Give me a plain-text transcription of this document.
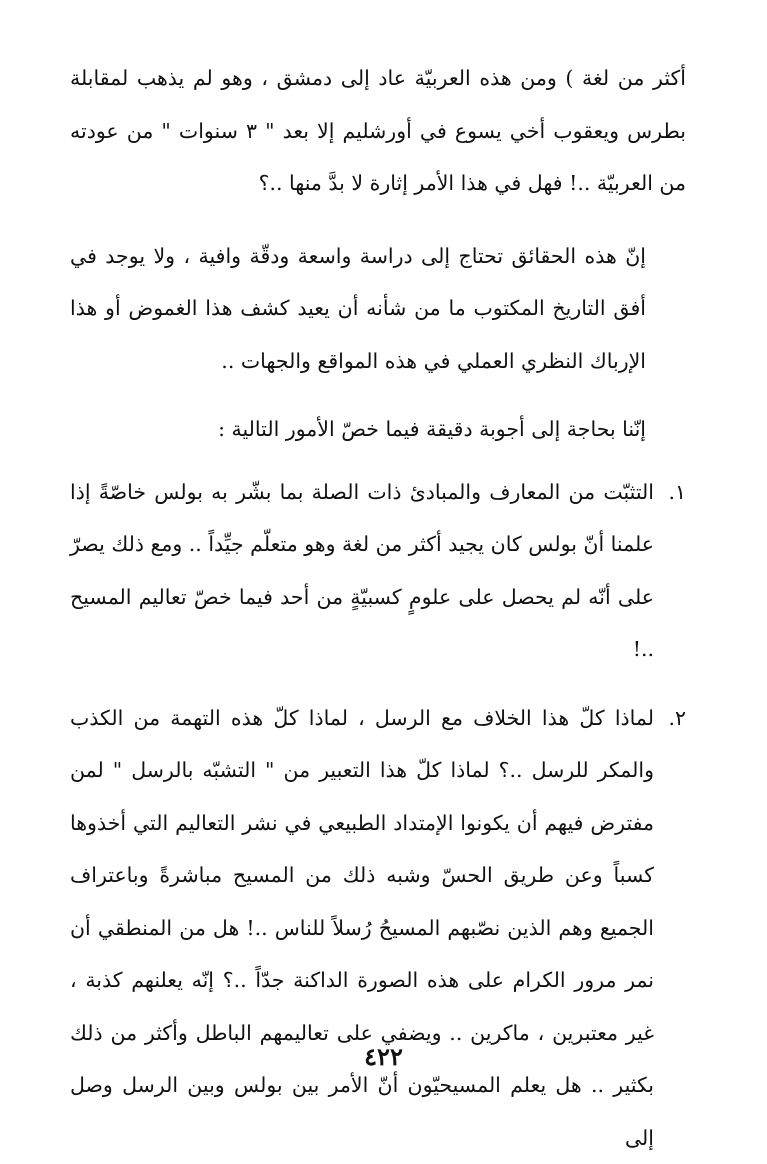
أكثر من لغة ) ومن هذه العربيّة عاد إلى دمشق ، وهو لم يذهب لمقابلة بطرس ويعقوب أخي يسوع في أورشليم إلا بعد " ٣ سنوات " من عودته من العربيّة ..! فهل في هذا الأمر إثارة لا بدَّ منها ..؟

إنّ هذه الحقائق تحتاج إلى دراسة واسعة ودقّة وافية ، ولا يوجد في أفق التاريخ المكتوب ما من شأنه أن يعيد كشف هذا الغموض أو هذا الإرباك النظري العملي في هذه المواقع والجهات ..

إنّنا بحاجة إلى أجوبة دقيقة فيما خصّ الأمور التالية :

١.

التثبّت من المعارف والمبادئ ذات الصلة بما بشّر به بولس خاصّةً إذا علمنا أنّ بولس كان يجيد أكثر من لغة وهو متعلّم جيِّداً .. ومع ذلك يصرّ على أنّه لم يحصل على علومٍ كسبيّةٍ من أحد فيما خصّ تعاليم المسيح ..!

٢.

لماذا كلّ هذا الخلاف مع الرسل ، لماذا كلّ هذه التهمة من الكذب والمكر للرسل ..؟ لماذا كلّ هذا التعبير من " التشبّه بالرسل " لمن مفترض فيهم أن يكونوا الإمتداد الطبيعي في نشر التعاليم التي أخذوها كسباً وعن طريق الحسّ وشبه ذلك من المسيح مباشرةً وباعتراف الجميع وهم الذين نصّبهم المسيحُ رُسلاً للناس ..! هل من المنطقي أن نمر مرور الكرام على هذه الصورة الداكنة جدّاً ..؟ إنّه يعلنهم كذبة ، غير معتبرين ، ماكرين .. ويضفي على تعاليمهم الباطل وأكثر من ذلك بكثير .. هل يعلم المسيحيّون أنّ الأمر بين بولس وبين الرسل وصل إلى

٤٢٢
